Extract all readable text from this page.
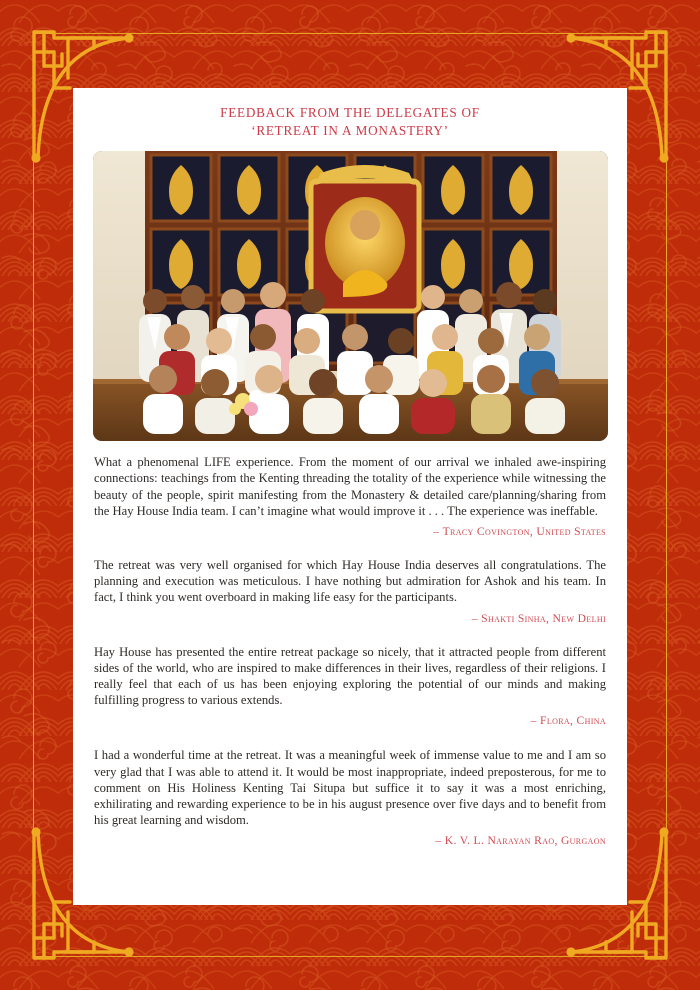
FEEDBACK FROM THE DELEGATES OF
‘RETREAT IN A MONASTERY’

What a phenomenal LIFE experience. From the moment of our arrival we inhaled awe-inspiring connections: teachings from the Kenting threading the totality of the experience while witnessing the beauty of the people, spirit manifesting from the Monastery & detailed care/planning/sharing from the Hay House India team. I can’t imagine what would improve it . . . The experience was ineffable.

– Tracy Covington, United States

The retreat was very well organised for which Hay House India deserves all congratulations. The planning and execution was meticulous. I have nothing but admiration for Ashok and his team. In fact, I think you went overboard in making life easy for the participants.

– Shakti Sinha, New Delhi

Hay House has presented the entire retreat package so nicely, that it attracted people from different sides of the world, who are inspired to make differences in their lives, regardless of their religions. I really feel that each of us has been enjoying exploring the potential of our minds and making fulfilling progress to various extends.

– Flora, China

I had a wonderful time at the retreat. It was a meaningful week of immense value to me and I am so very glad that I was able to attend it. It would be most inappropriate, indeed preposterous, for me to comment on His Holiness Kenting Tai Situpa but suffice it to say it was a most enriching, exhilirating and rewarding experience to be in his august presence over five days and to benefit from his great learning and wisdom.

– K. V. L. Narayan Rao, Gurgaon
